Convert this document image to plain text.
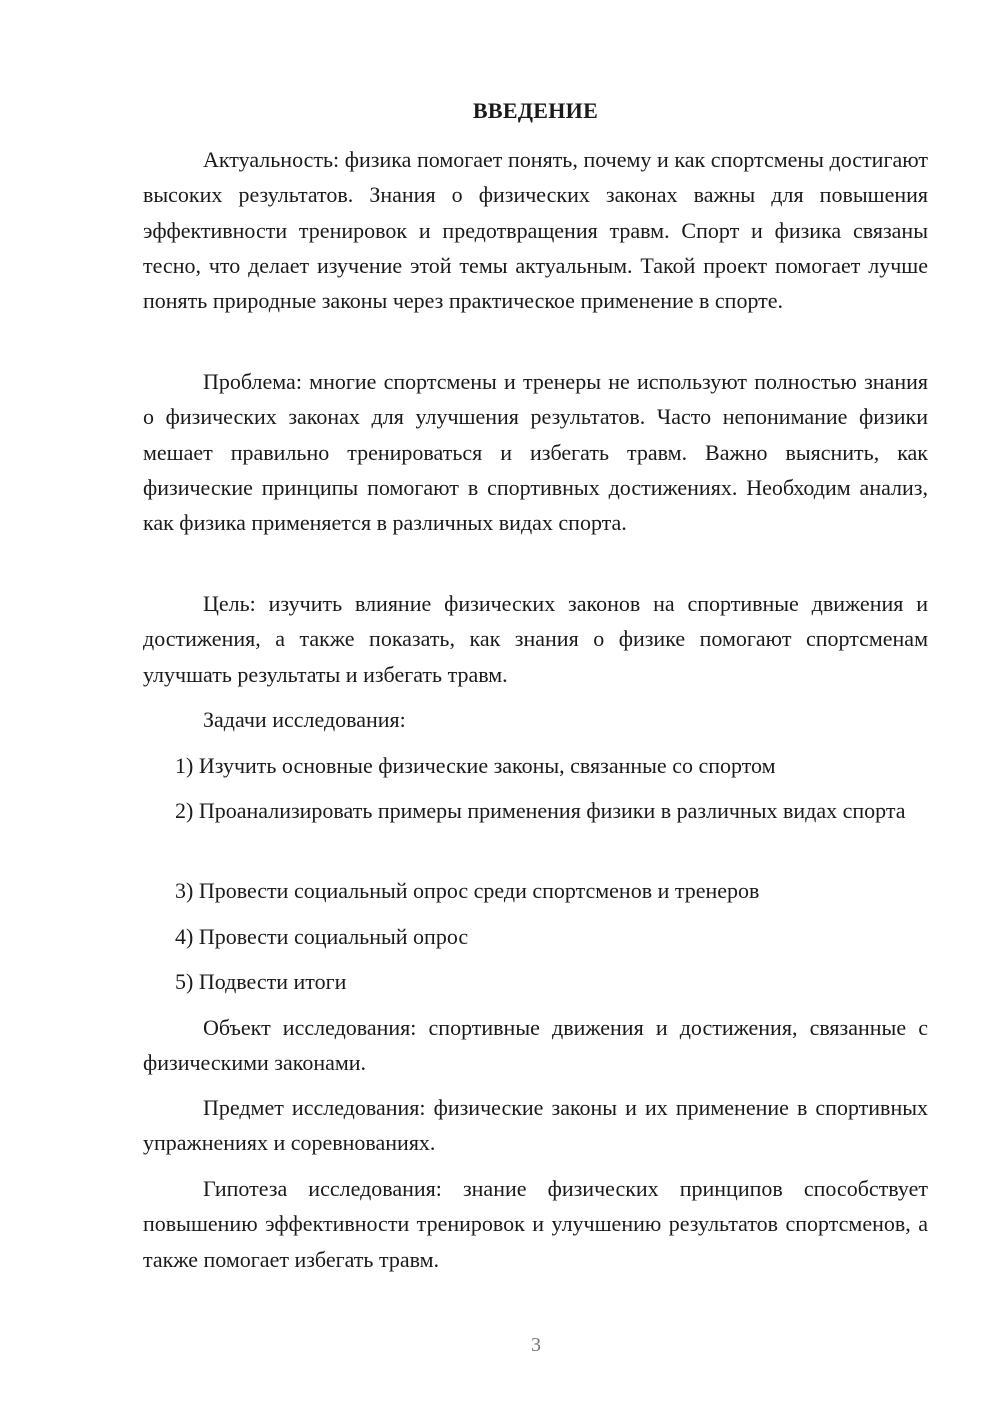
ВВЕДЕНИЕ

Актуальность: физика помогает понять, почему и как спортсмены достигают высоких результатов. Знания о физических законах важны для повышения эффективности тренировок и предотвращения травм. Спорт и физика связаны тесно, что делает изучение этой темы актуальным. Такой проект помогает лучше понять природные законы через практическое применение в спорте.

Проблема: многие спортсмены и тренеры не используют полностью знания о физических законах для улучшения результатов. Часто непонимание физики мешает правильно тренироваться и избегать травм. Важно выяснить, как физические принципы помогают в спортивных достижениях. Необходим анализ, как физика применяется в различных видах спорта.

Цель: изучить влияние физических законов на спортивные движения и достижения, а также показать, как знания о физике помогают спортсменам улучшать результаты и избегать травм.

Задачи исследования:

1) Изучить основные физические законы, связанные со спортом

2) Проанализировать примеры применения физики в различных видах спорта

3) Провести социальный опрос среди спортсменов и тренеров

4) Провести социальный опрос

5) Подвести итоги

Объект исследования: спортивные движения и достижения, связанные с физическими законами.

Предмет исследования: физические законы и их применение в спортивных упражнениях и соревнованиях.

Гипотеза исследования: знание физических принципов способствует повышению эффективности тренировок и улучшению результатов спортсменов, а также помогает избегать травм.

3
